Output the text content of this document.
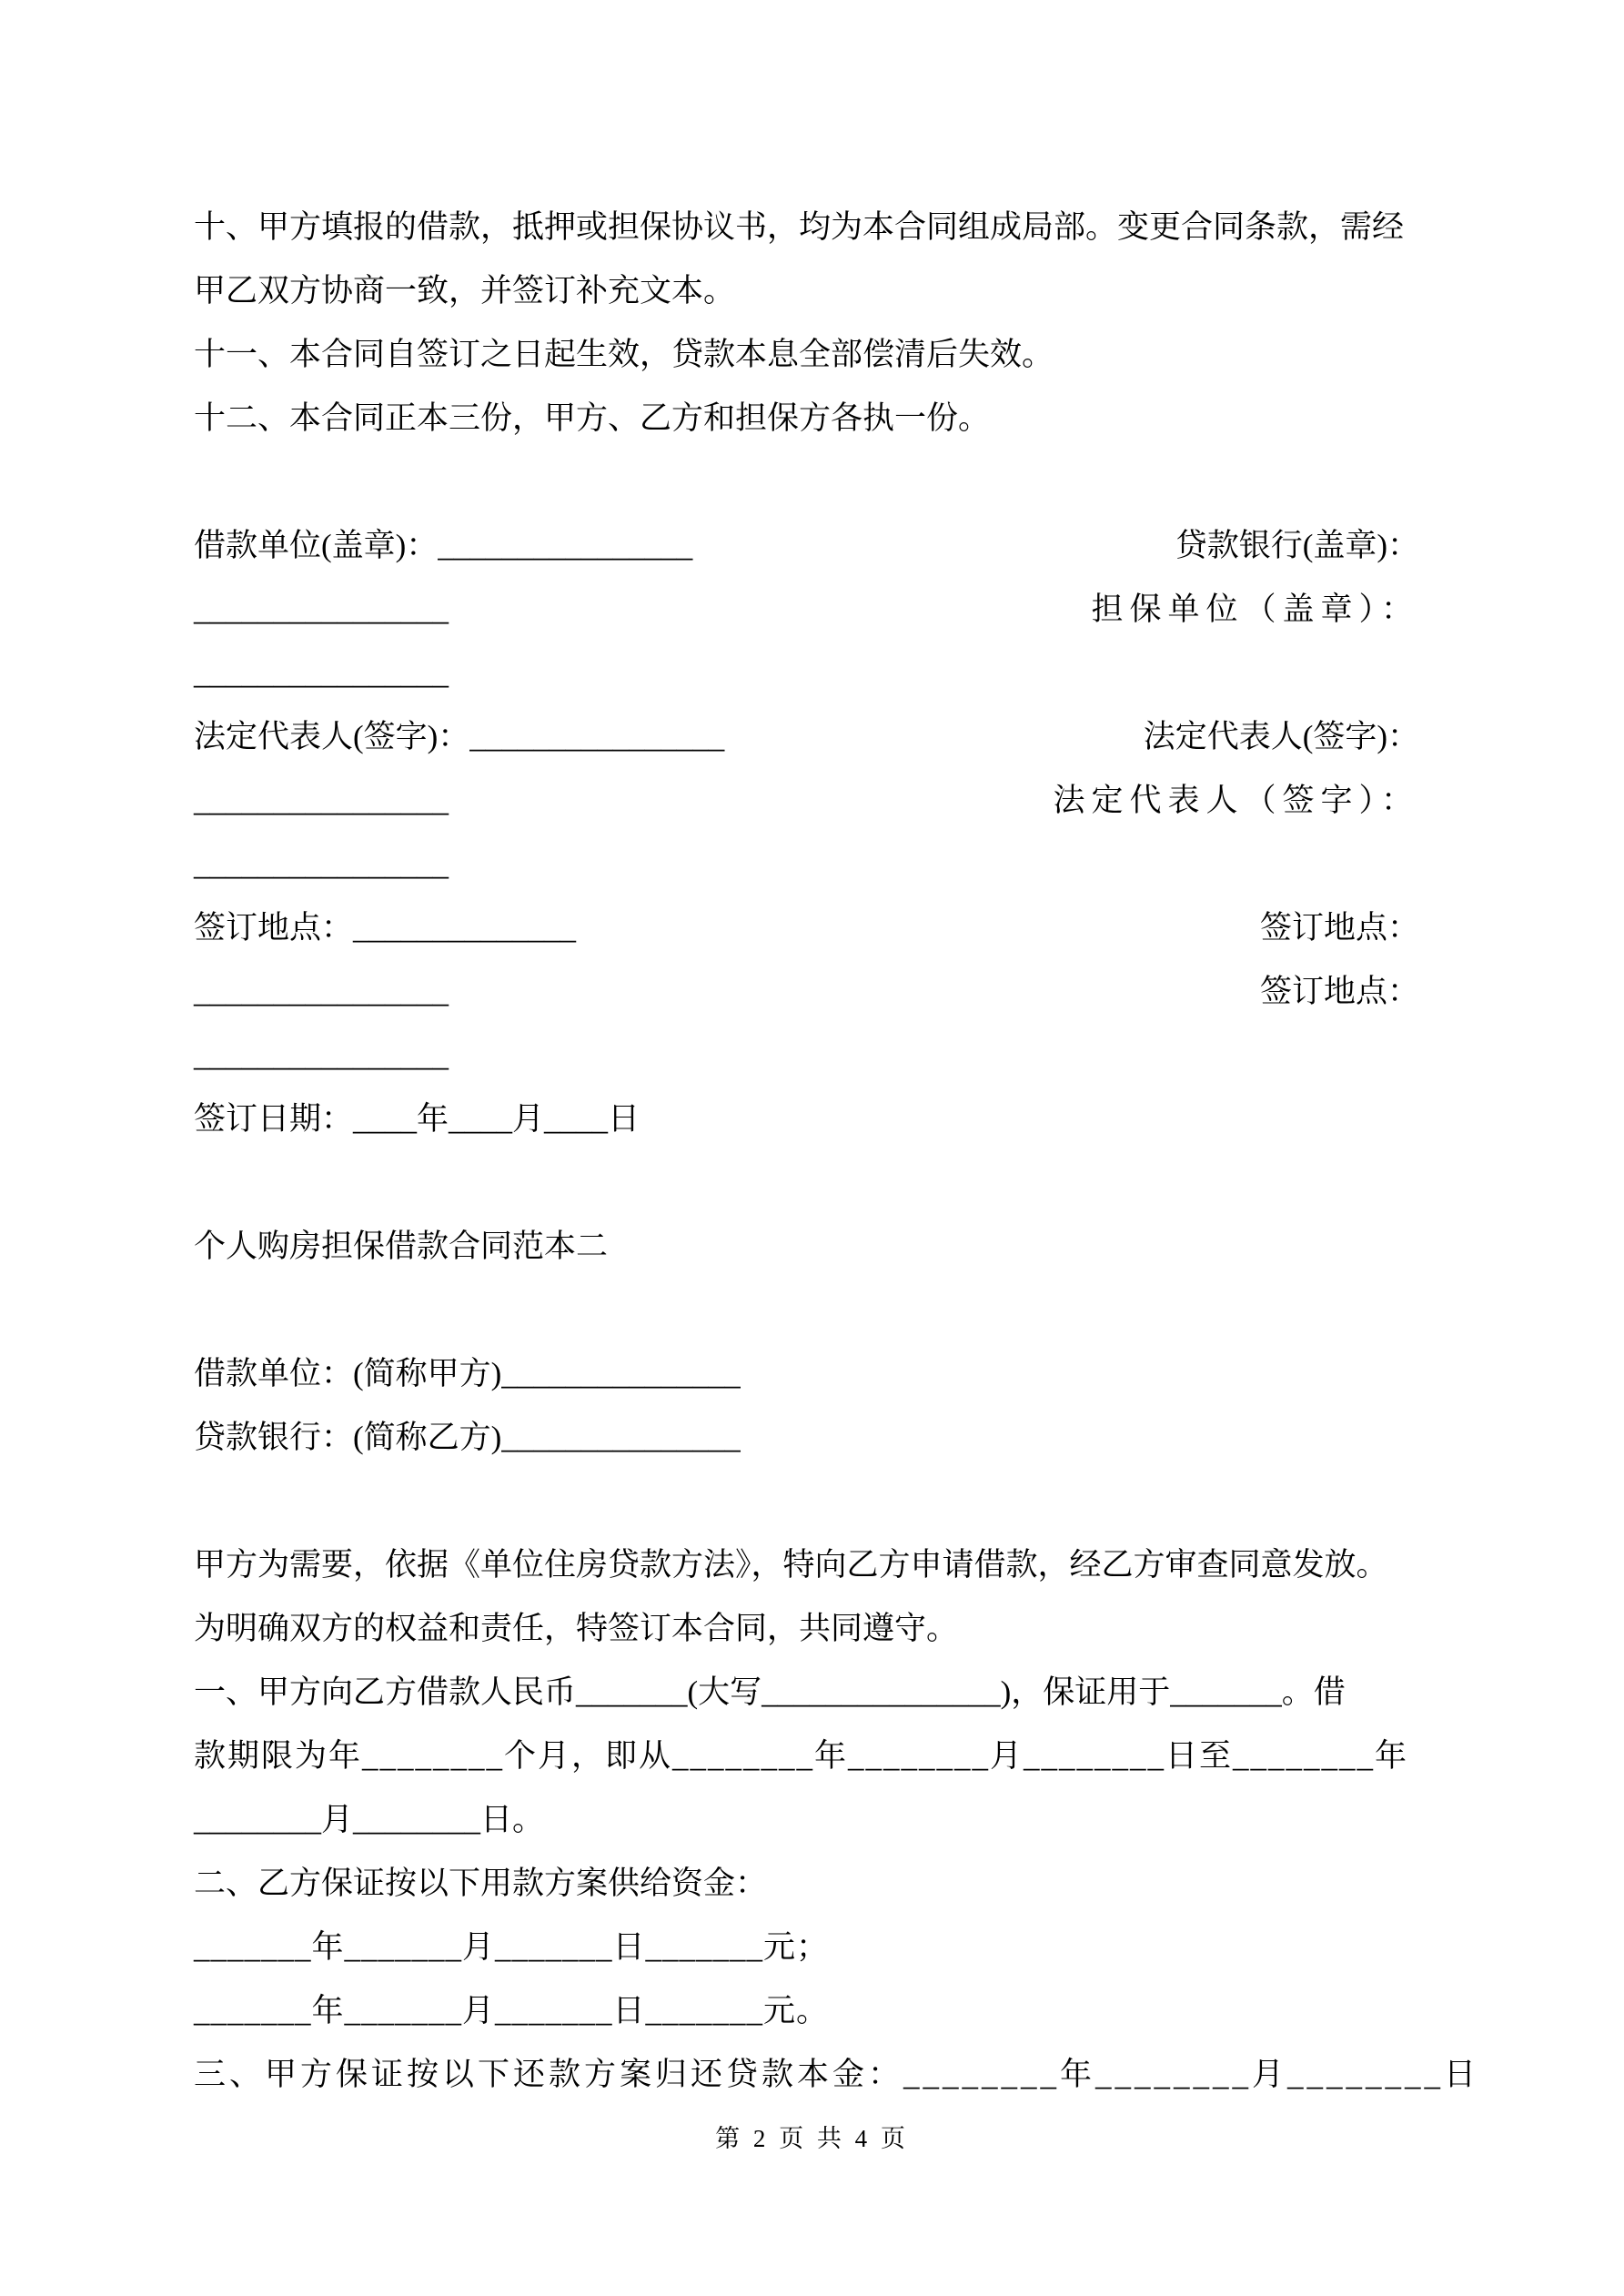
十、甲方填报的借款，抵押或担保协议书，均为本合同组成局部。变更合同条款，需经

甲乙双方协商一致，并签订补充文本。

十一、本合同自签订之日起生效，贷款本息全部偿清后失效。

十二、本合同正本三份，甲方、乙方和担保方各执一份。

借款单位(盖章)：________________

________________

________________

法定代表人(签字)：________________

________________

________________

签订地点：______________

________________

________________

签订日期：____年____月____日

贷款银行(盖章)：

担保单位（盖章）：

法定代表人(签字)：

法定代表人（签字）：

签订地点：

签订地点：

个人购房担保借款合同范本二

借款单位：(简称甲方)_______________

贷款银行：(简称乙方)_______________

甲方为需要，依据《单位住房贷款方法》，特向乙方申请借款，经乙方审查同意发放。

为明确双方的权益和责任，特签订本合同，共同遵守。

一、甲方向乙方借款人民币_______(大写_______________)，保证用于_______。借

款期限为年________个月，即从________年________月________日至________年

________月________日。

二、乙方保证按以下用款方案供给资金：

_______年_______月_______日_______元；

_______年_______月_______日_______元。

三、甲方保证按以下还款方案归还贷款本金：________年________月________日

第 2 页 共 4 页
